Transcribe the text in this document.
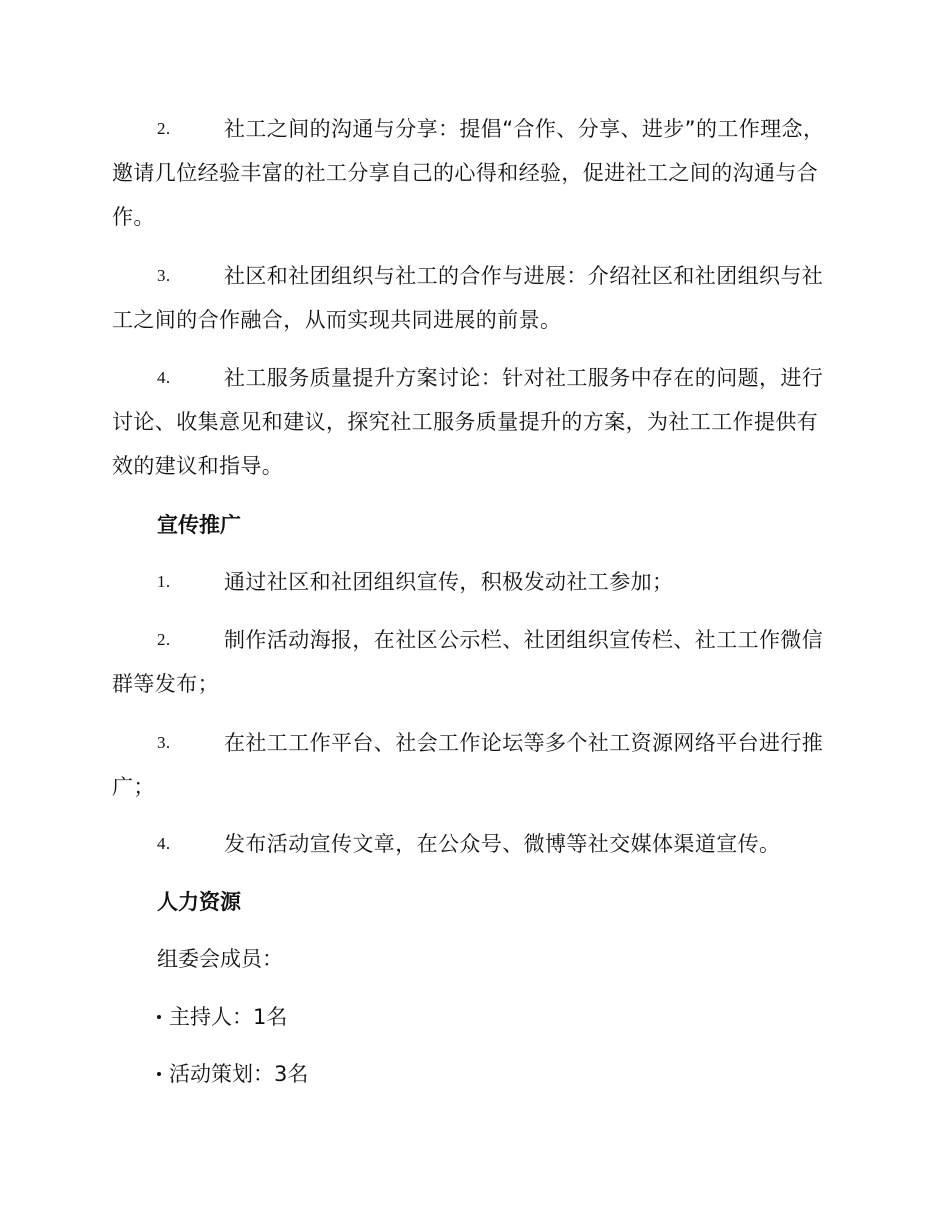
2.	社工之间的沟通与分享：提倡“合作、分享、进步”的工作理念，邀请几位经验丰富的社工分享自己的心得和经验，促进社工之间的沟通与合作。

3.	社区和社团组织与社工的合作与进展：介绍社区和社团组织与社工之间的合作融合，从而实现共同进展的前景。

4.	社工服务质量提升方案讨论：针对社工服务中存在的问题，进行讨论、收集意见和建议，探究社工服务质量提升的方案，为社工工作提供有效的建议和指导。

宣传推广

1.	通过社区和社团组织宣传，积极发动社工参加；

2.	制作活动海报，在社区公示栏、社团组织宣传栏、社工工作微信群等发布；

3.	在社工工作平台、社会工作论坛等多个社工资源网络平台进行推广；

4.	发布活动宣传文章，在公众号、微博等社交媒体渠道宣传。

人力资源

组委会成员：

主持人：1名

活动策划：3名
